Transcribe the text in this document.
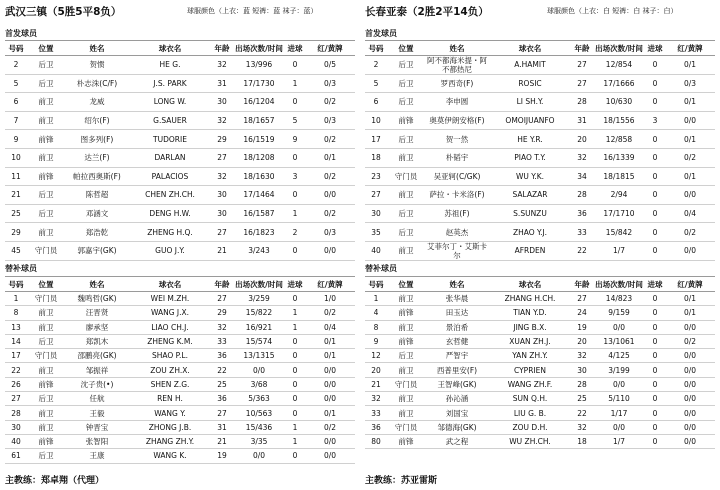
武汉三镇（5胜5平8负）	球服颜色（上衣：蓝 短裤：蓝 袜子：蓝）
首发球员
号码	位置	姓名	球衣名	年龄 出场次数/时间 进球	红/黄牌
2	后卫	贺惯	HE G.	32	13/996	0	0/5
5	后卫	朴志洙(C/F)	J.S. PARK	31	17/1730	1	0/3
6	前卫	龙威	LONG W.	30	16/1204	0	0/2
7	前卫	绍尔(F)	G.SAUER	32	18/1657	5	0/3
9	前锋	图多列(F)	TUDORIE	29	16/1519	9	0/2
10	前卫	达兰(F)	DARLAN	27	18/1208	0	0/1
11	前锋	帕拉西奥斯(F)	PALACIOS	32	18/1630	3	0/2
21	后卫	陈哲超	CHEN ZH.CH.	30	17/1464	0	0/0
25	后卫	邓涵文	DENG H.W.	30	16/1587	1	0/2
29	前卫	郑浩乾	ZHENG H.Q.	27	16/1823	2	0/3
45	守门员	郭嘉宇(GK)	GUO J.Y.	21	3/243	0	0/0
替补球员
号码	位置	姓名	球衣名	年龄 出场次数/时间 进球	红/黄牌
1	守门员	魏鸣哲(GK)	WEI M.ZH.	27	3/259	0	1/0
8	前卫	汪晋贤	WANG J.X.	29	15/822	1	0/2
13	前卫	廖承坚	LIAO CH.J.	32	16/921	1	0/4
14	后卫	郑凯木	ZHENG K.M.	33	15/574	0	0/1
17	守门员	邵鹏亮(GK)	SHAO P.L.	36	13/1315	0	0/1
22	前卫	邹振祥	ZOU ZH.X.	22	0/0	0	0/0
26	前锋	沈子贵(•)	SHEN Z.G.	25	3/68	0	0/0
27	后卫	任航	REN H.	36	5/363	0	0/0
28	前卫	王毅	WANG Y.	27	10/563	0	0/1
30	前卫	钟晋宝	ZHONG J.B.	31	15/436	1	0/2
40	前锋	张智阳	ZHANG ZH.Y.	21	3/35	1	0/0
61	后卫	王康	WANG K.	19	0/0	0	0/0
主教练：郑卓翔（代理）
长春亚泰（2胜2平14负）	球服颜色（上衣：白 短裤：白 袜子：白）
首发球员
号码	位置	姓名	球衣名	年龄 出场次数/时间 进球	红/黄牌
2	后卫	阿不都海米提・阿不都热尼	A.HAMIT	27	12/854	0	0/1
5	后卫	罗西奇(F)	ROSIC	27	17/1666	0	0/3
6	后卫	李申圆	LI SH.Y.	28	10/630	0	0/1
10	前锋	奥莫伊朗安格(F)	OMOIJUANFO	31	18/1556	3	0/0
17	后卫	贺一然	HE Y.R.	20	12/858	0	0/1
18	前卫	朴韬宇	PIAO T.Y.	32	16/1339	0	0/2
23	守门员	吴亚轲(C/GK)	WU Y.K.	34	18/1815	0	0/1
27	前卫	萨拉・卡米洛(F)	SALAZAR	28	2/94	0	0/0
30	后卫	苏祖(F)	S.SUNZU	36	17/1710	0	0/4
35	后卫	赵英杰	ZHAO Y.J.	33	15/842	0	0/2
40	前卫	艾菲尔丁・艾斯卡尔	AFRDEN	22	1/7	0	0/0
替补球员
号码	位置	姓名	球衣名	年龄 出场次数/时间 进球	红/黄牌
1	前卫	张华晨	ZHANG H.CH.	27	14/823	0	0/1
4	前锋	田玉达	TIAN Y.D.	24	9/159	0	0/1
8	前卫	景泊希	JING B.X.	19	0/0	0	0/0
9	前锋	玄哲健	XUAN ZH.J.	20	13/1061	0	0/2
12	后卫	严智宇	YAN ZH.Y.	32	4/125	0	0/0
20	前卫	西普里安(F)	CYPRIEN	30	3/199	0	0/0
21	守门员	王智峰(GK)	WANG ZH.F.	28	0/0	0	0/0
32	前卫	孙沁涵	SUN Q.H.	25	5/110	0	0/0
33	前卫	刘国宝	LIU G. B.	22	1/17	0	0/0
36	守门员	邹德海(GK)	ZOU D.H.	32	0/0	0	0/0
80	前锋	武之程	WU ZH.CH.	18	1/7	0	0/0
主教练：苏亚雷斯
